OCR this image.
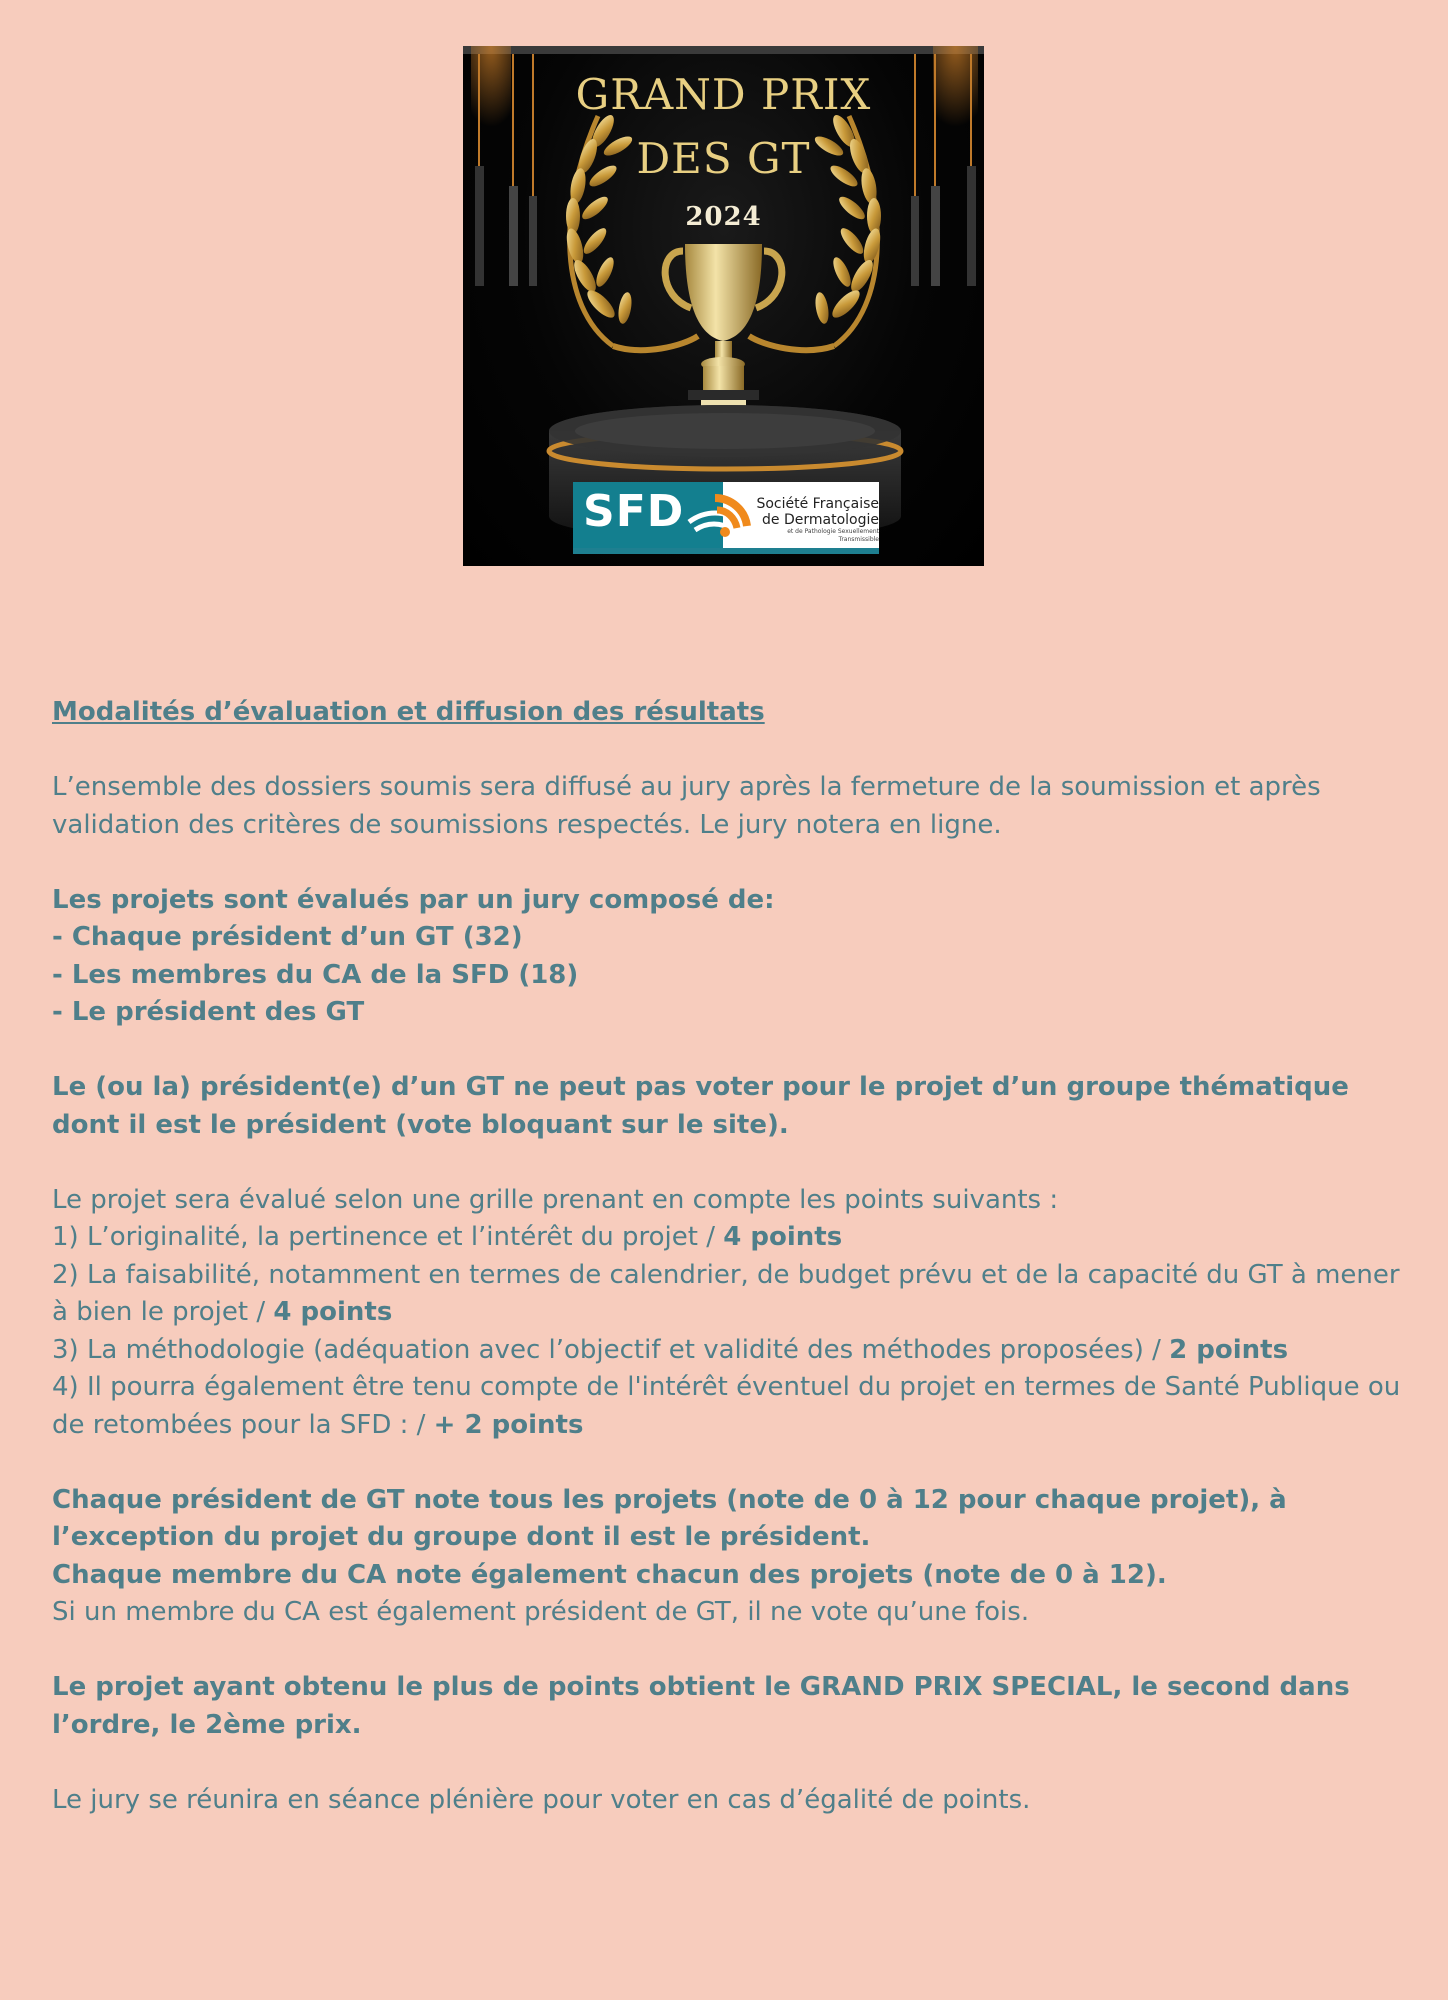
GRAND PRIX
DES GT
2024
SFD	Société Française
de Dermatologie
et de Pathologie Sexuellement Transmissible

Modalités d’évaluation et diffusion des résultats

L’ensemble des dossiers soumis sera diffusé au jury après la fermeture de la soumission et après validation des critères de soumissions respectés. Le jury notera en ligne.

Les projets sont évalués par un jury composé de:
- Chaque président d’un GT (32)
- Les membres du CA de la SFD (18)
- Le président des GT

Le (ou la) président(e) d’un GT ne peut pas voter pour le projet d’un groupe thématique dont il est le président (vote bloquant sur le site).

Le projet sera évalué selon une grille prenant en compte les points suivants :
1) L’originalité, la pertinence et l’intérêt du projet / 4 points
2) La faisabilité, notamment en termes de calendrier, de budget prévu et de la capacité du GT à mener à bien le projet / 4 points
3) La méthodologie (adéquation avec l’objectif et validité des méthodes proposées) / 2 points
4) Il pourra également être tenu compte de l'intérêt éventuel du projet en termes de Santé Publique ou de retombées pour la SFD : / + 2 points

Chaque président de GT note tous les projets (note de 0 à 12 pour chaque projet), à l’exception du projet du groupe dont il est le président.
Chaque membre du CA note également chacun des projets (note de 0 à 12).
Si un membre du CA est également président de GT, il ne vote qu’une fois.

Le projet ayant obtenu le plus de points obtient le GRAND PRIX SPECIAL, le second dans l’ordre, le 2ème prix.

Le jury se réunira en séance plénière pour voter en cas d’égalité de points.
